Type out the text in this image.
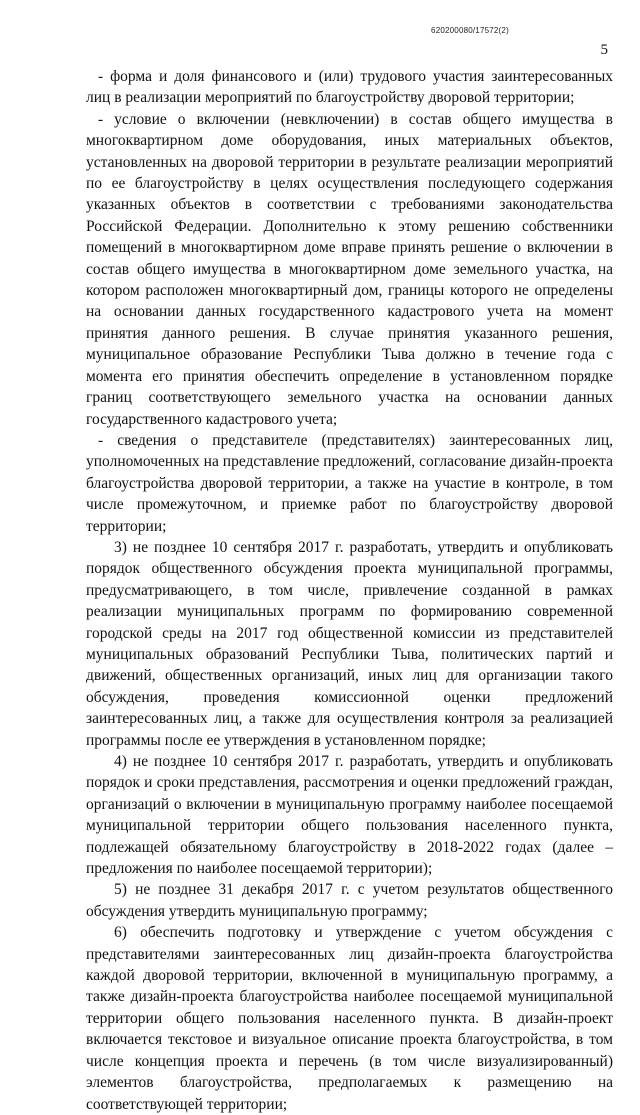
620200080/17572(2)
5

- форма и доля финансового и (или) трудового участия заинтересованных лиц в реализации мероприятий по благоустройству дворовой территории;

- условие о включении (невключении) в состав общего имущества в многоквартирном доме оборудования, иных материальных объектов, установленных на дворовой территории в результате реализации мероприятий по ее благоустройству в целях осуществления последующего содержания указанных объектов в соответствии с требованиями законодательства Российской Федерации. Дополнительно к этому решению собственники помещений в многоквартирном доме вправе принять решение о включении в состав общего имущества в многоквартирном доме земельного участка, на котором расположен многоквартирный дом, границы которого не определены на основании данных государственного кадастрового учета на момент принятия данного решения. В случае принятия указанного решения, муниципальное образование Республики Тыва должно в течение года с момента его принятия обеспечить определение в установленном порядке границ соответствующего земельного участка на основании данных государственного кадастрового учета;

- сведения о представителе (представителях) заинтересованных лиц, уполномоченных на представление предложений, согласование дизайн-проекта благоустройства дворовой территории, а также на участие в контроле, в том числе промежуточном, и приемке работ по благоустройству дворовой территории;

3) не позднее 10 сентября 2017 г. разработать, утвердить и опубликовать порядок общественного обсуждения проекта муниципальной программы, предусматривающего, в том числе, привлечение созданной в рамках реализации муниципальных программ по формированию современной городской среды на 2017 год общественной комиссии из представителей муниципальных образований Республики Тыва, политических партий и движений, общественных организаций, иных лиц для организации такого обсуждения, проведения комиссионной оценки предложений заинтересованных лиц, а также для осуществления контроля за реализацией программы после ее утверждения в установленном порядке;

4) не позднее 10 сентября 2017 г. разработать, утвердить и опубликовать порядок и сроки представления, рассмотрения и оценки предложений граждан, организаций о включении в муниципальную программу наиболее посещаемой муниципальной территории общего пользования населенного пункта, подлежащей обязательному благоустройству в 2018-2022 годах (далее – предложения по наиболее посещаемой территории);

5) не позднее 31 декабря 2017 г. с учетом результатов общественного обсуждения утвердить муниципальную программу;

6) обеспечить подготовку и утверждение с учетом обсуждения с представителями заинтересованных лиц дизайн-проекта благоустройства каждой дворовой территории, включенной в муниципальную программу, а также дизайн-проекта благоустройства наиболее посещаемой муниципальной территории общего пользования населенного пункта. В дизайн-проект включается текстовое и визуальное описание проекта благоустройства, в том числе концепция проекта и перечень (в том числе визуализированный) элементов благоустройства, предполагаемых к размещению на соответствующей территории;
